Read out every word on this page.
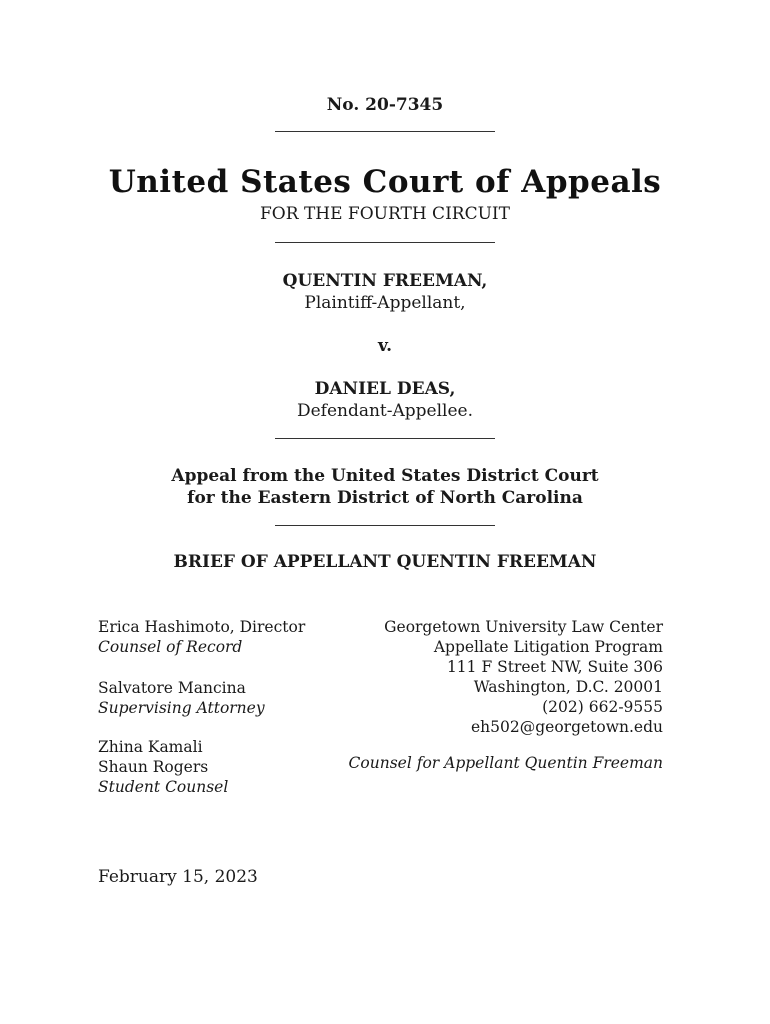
No. 20-7345
United States Court of Appeals
FOR THE FOURTH CIRCUIT
QUENTIN FREEMAN,
Plaintiff-Appellant,
v.
DANIEL DEAS,
Defendant-Appellee.
Appeal from the United States District Court
for the Eastern District of North Carolina
BRIEF OF APPELLANT QUENTIN FREEMAN
Erica Hashimoto, Director
Counsel of Record
Salvatore Mancina
Supervising Attorney
Zhina Kamali
Shaun Rogers
Student Counsel
Georgetown University Law Center
Appellate Litigation Program
111 F Street NW, Suite 306
Washington, D.C. 20001
(202) 662-9555
eh502@georgetown.edu
Counsel for Appellant Quentin Freeman
February 15, 2023
